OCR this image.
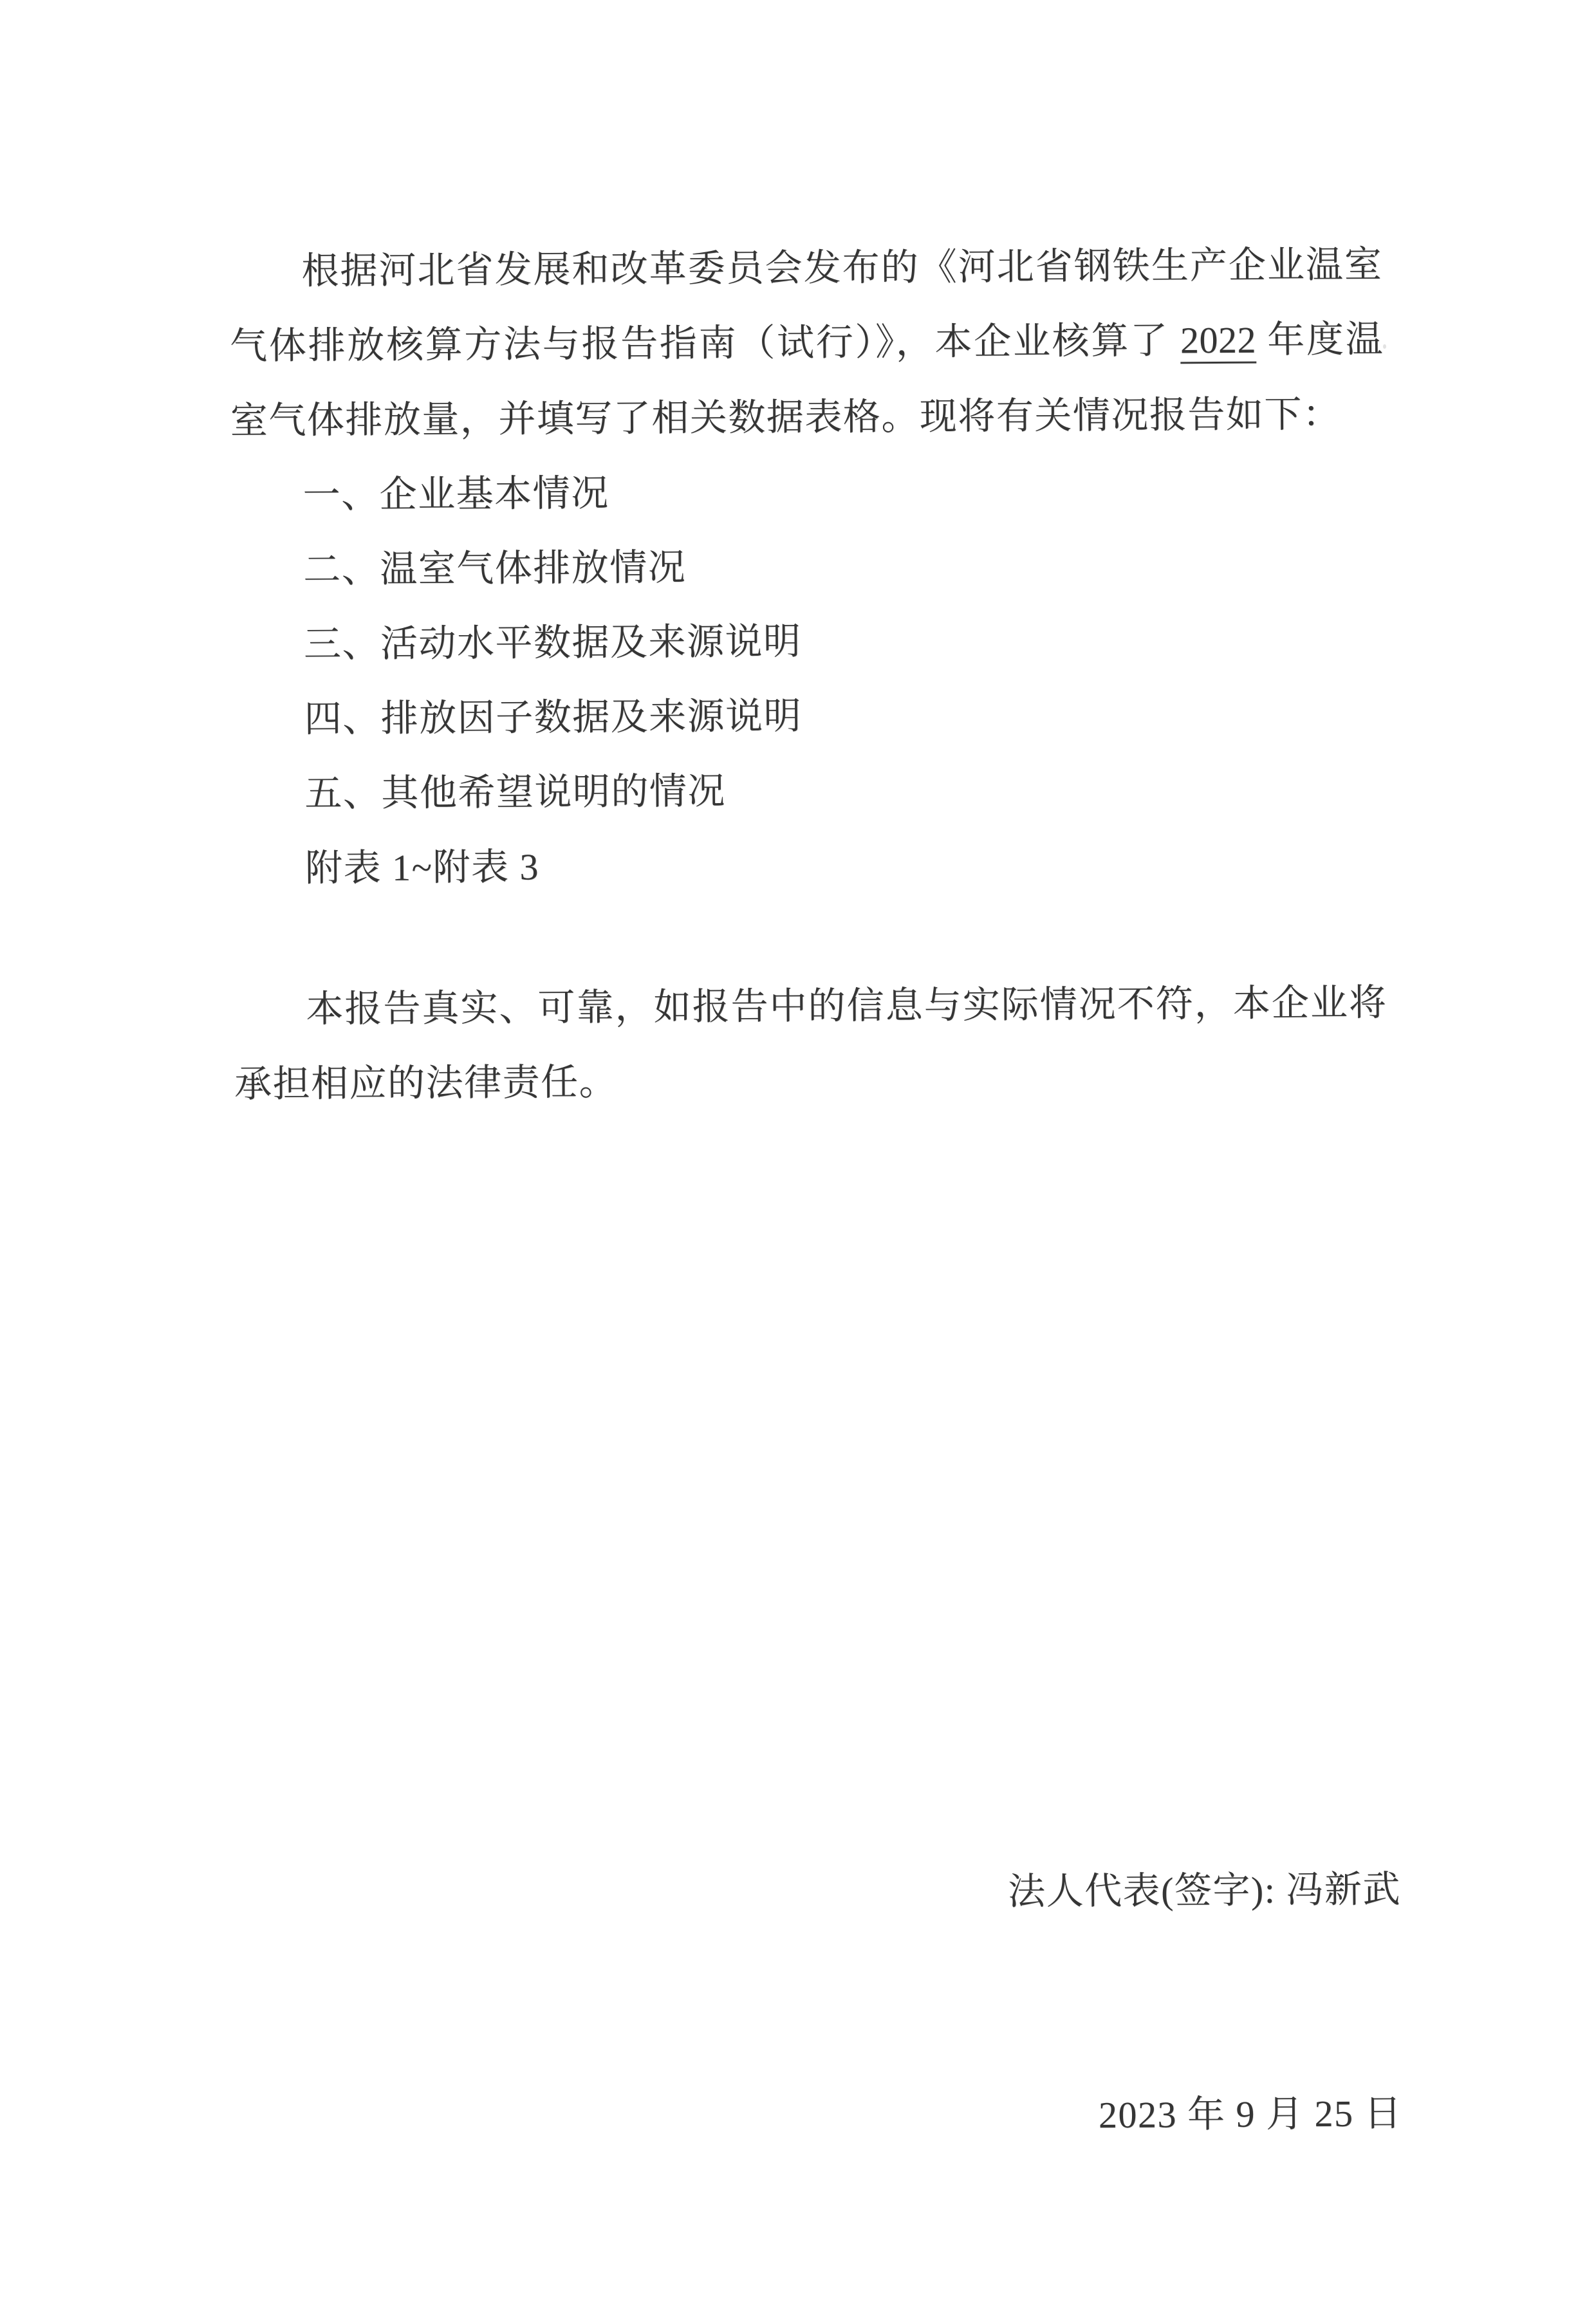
根据河北省发展和改革委员会发布的《河北省钢铁生产企业温室
气体排放核算方法与报告指南（试行）》，本企业核算了 2022 年度温
室气体排放量，并填写了相关数据表格。现将有关情况报告如下：
一、企业基本情况
二、温室气体排放情况
三、活动水平数据及来源说明
四、排放因子数据及来源说明
五、其他希望说明的情况
附表 1~附表 3
本报告真实、可靠，如报告中的信息与实际情况不符，本企业将
承担相应的法律责任。

法人代表(签字): 冯新武

2023 年 9 月 25 日
